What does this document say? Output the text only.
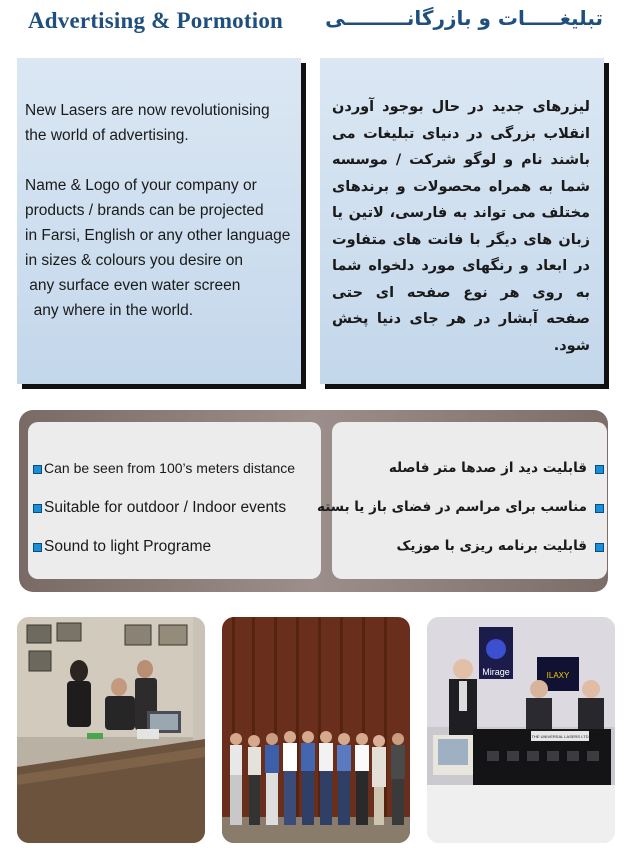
Advertising & Pormotion تبلیغـــــات و بازرگانـــــــــی

New Lasers are now revolutionising
the world of advertising.

Name & Logo of your company or
products / brands can be projected
in Farsi, English or any other language
in sizes & colours you desire on
any surface even water screen
any where in the world.

لیزرهای جدید در حال بوجود آوردن انقلاب بزرگی در دنیای تبلیغات می باشند نام و لوگو شرکت / موسسه شما به همراه محصولات و برندهای مختلف می تواند به فارسی، لاتین یا زبان های دیگر با فانت های متفاوت در ابعاد و رنگهای مورد دلخواه شما به روی هر نوع صفحه ای حتی صفحه آبشار در هر جای دنیا پخش شود.

Can be seen from 100’s meters distance
Suitable for outdoor / Indoor events
Sound to light Programe
قابلیت دید از صدها متر فاصله
مناسب برای مراسم در فضای باز یا بسته
قابلیت برنامه ریزی با موزیک
Mirage	ILAXY
THE UNIVERSAL LASERS LTD
